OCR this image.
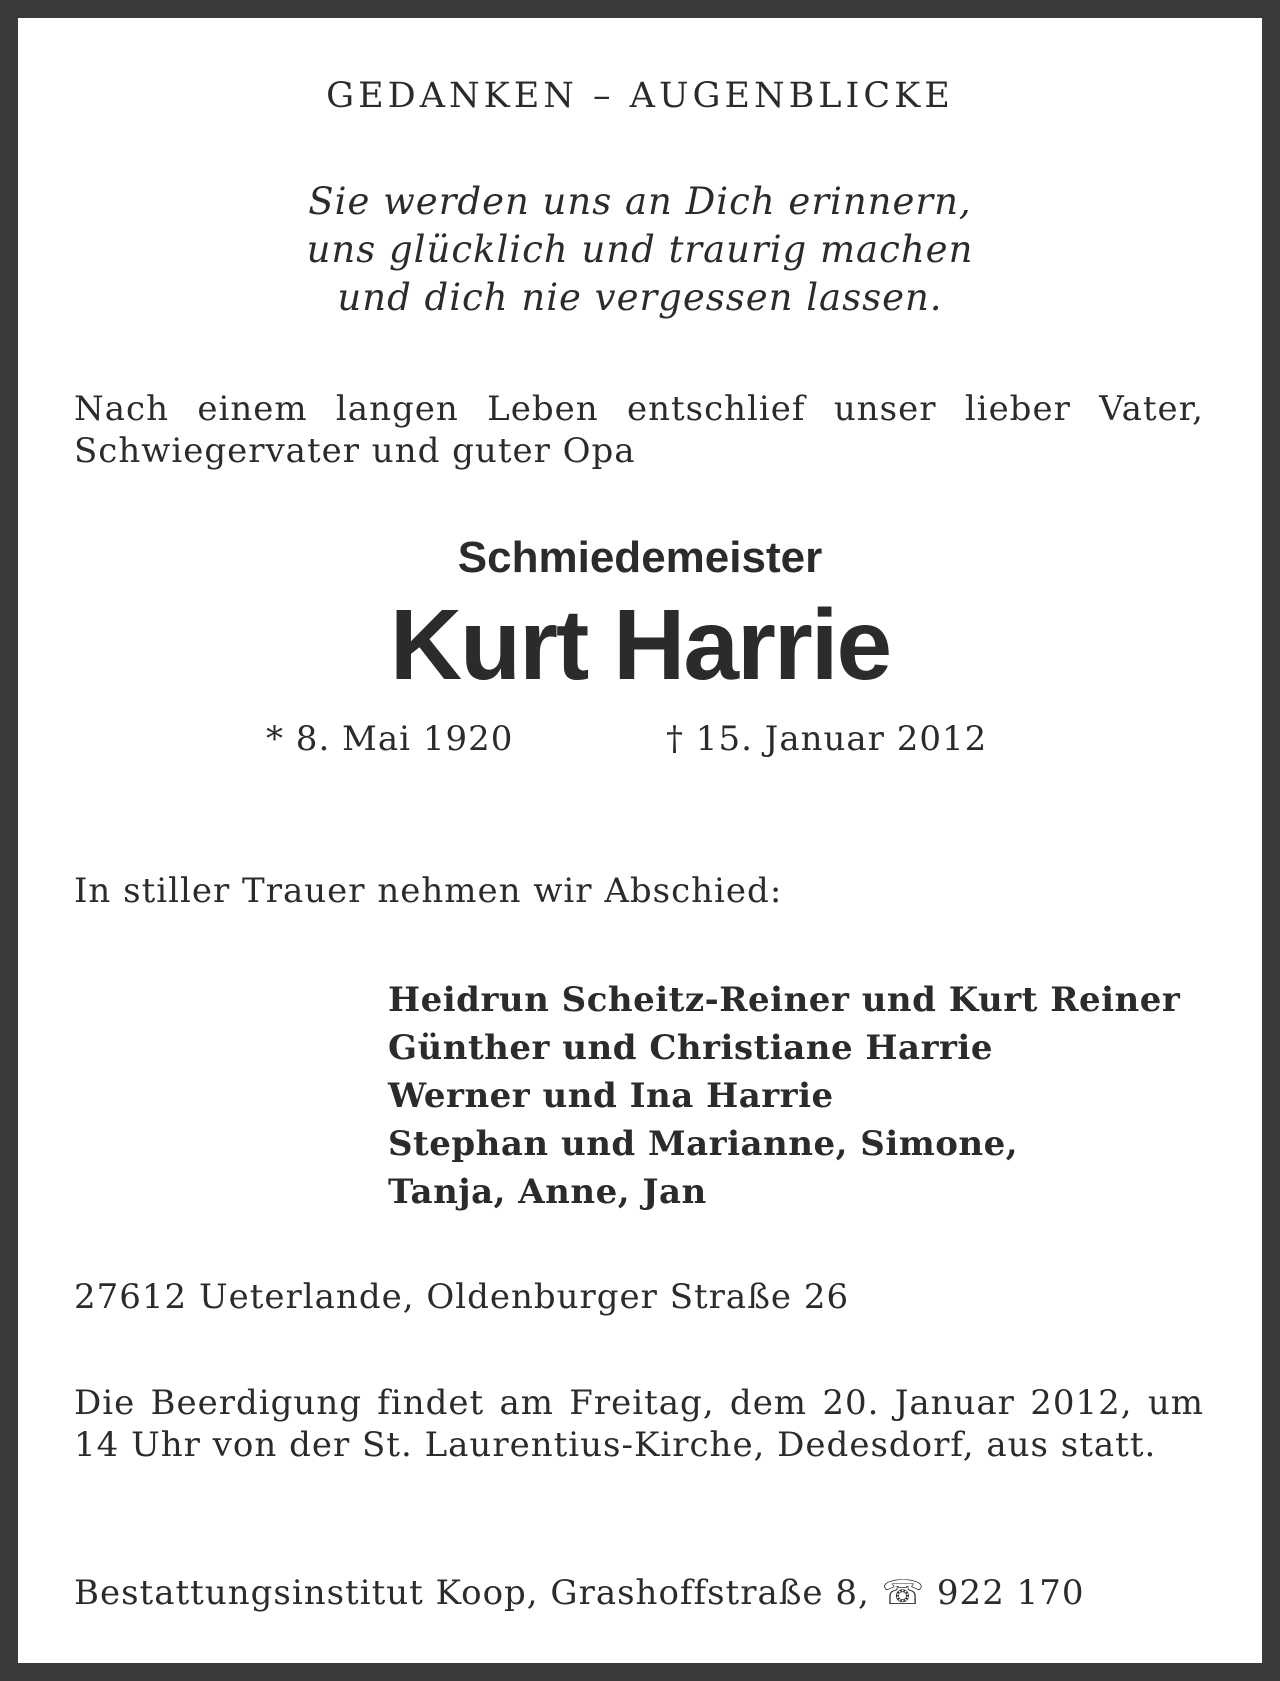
GEDANKEN – AUGENBLICKE

Sie werden uns an Dich erinnern,
uns glücklich und traurig machen
und dich nie vergessen lassen.

Nach einem langen Leben entschlief unser lieber Vater, Schwiegervater und guter Opa

Schmiedemeister

Kurt Harrie

* 8. Mai 1920	† 15. Januar 2012

In stiller Trauer nehmen wir Abschied:

Heidrun Scheitz-Reiner und Kurt Reiner
Günther und Christiane Harrie
Werner und Ina Harrie
Stephan und Marianne, Simone,
Tanja, Anne, Jan

27612 Ueterlande, Oldenburger Straße 26

Die Beerdigung findet am Freitag, dem 20. Januar 2012, um 14 Uhr von der St. Laurentius-Kirche, Dedesdorf, aus statt.

Bestattungsinstitut Koop, Grashoffstraße 8, ☏ 922 170
